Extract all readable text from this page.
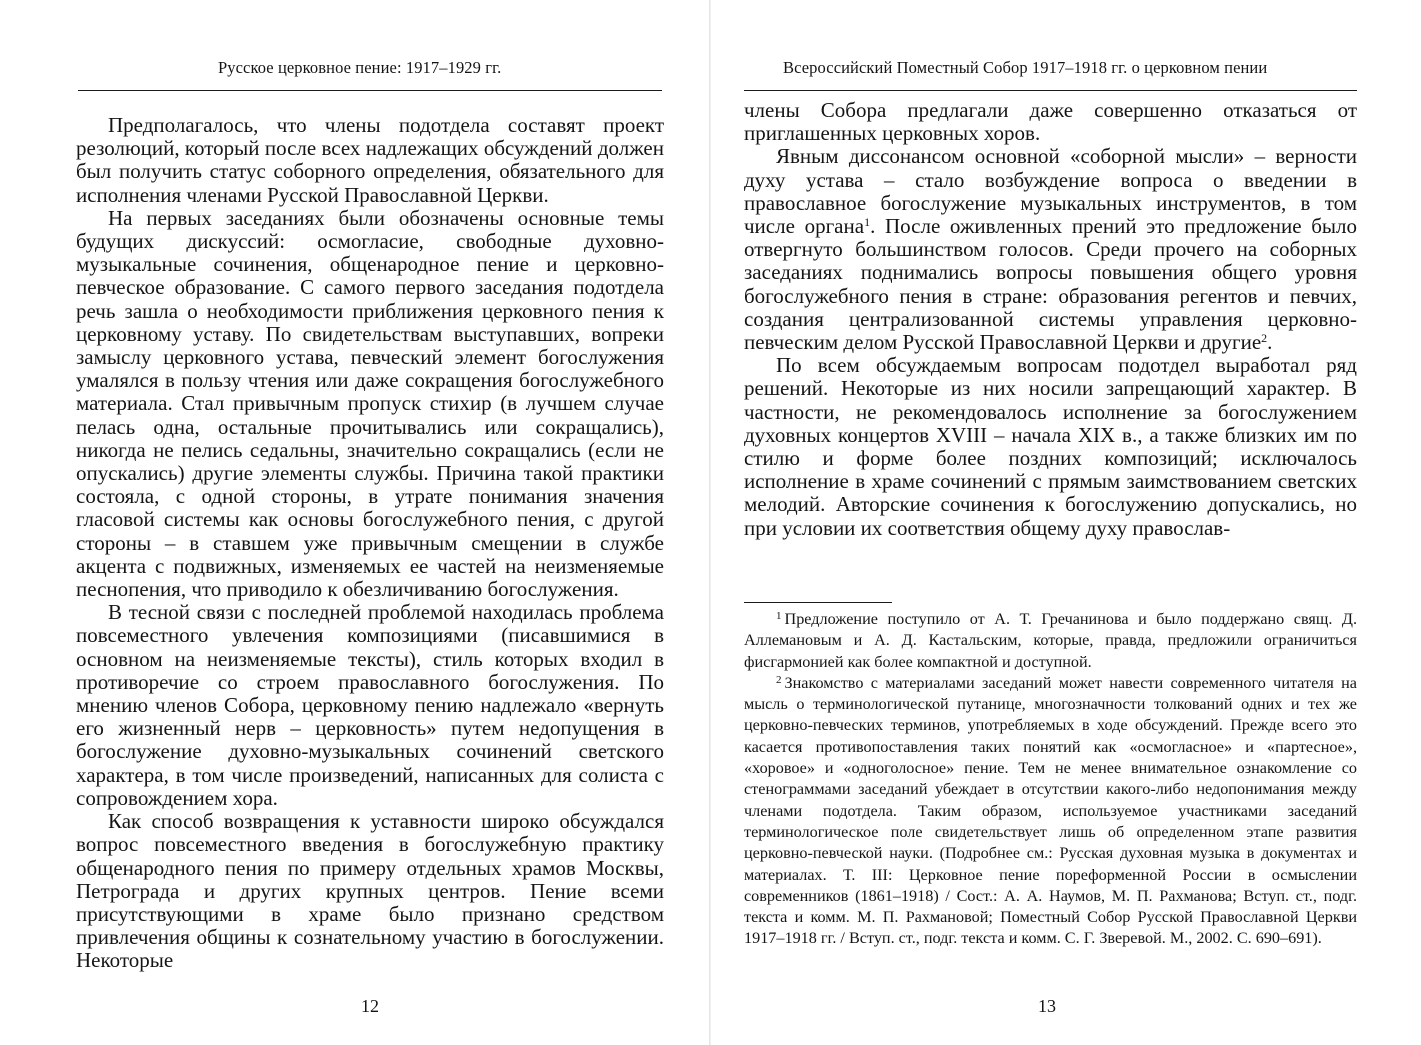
Русское церковное пение: 1917–1929 гг.

Предполагалось, что члены подотдела составят проект резолюций, который после всех надлежащих обсуждений должен был получить статус соборного определения, обязательного для исполнения членами Русской Православной Церкви.

На первых заседаниях были обозначены основные темы будущих дискуссий: осмогласие, свободные духовно-музыкальные сочинения, общенародное пение и церковно-певческое образование. С самого первого заседания подотдела речь зашла о необходимости приближения церковного пения к церковному уставу. По свидетельствам выступавших, вопреки замыслу церковного устава, певческий элемент богослужения умалялся в пользу чтения или даже сокращения богослужебного материала. Стал привычным пропуск стихир (в лучшем случае пелась одна, остальные прочитывались или сокращались), никогда не пелись седальны, значительно сокращались (если не опускались) другие элементы службы. Причина такой практики состояла, с одной стороны, в утрате понимания значения гласовой системы как основы богослужебного пения, с другой стороны – в ставшем уже привычным смещении в службе акцента с подвижных, изменяемых ее частей на неизменяемые песнопения, что приводило к обезличиванию богослужения.

В тесной связи с последней проблемой находилась проблема повсеместного увлечения композициями (писавшимися в основном на неизменяемые тексты), стиль которых входил в противоречие со строем православного богослужения. По мнению членов Собора, церковному пению надлежало «вернуть его жизненный нерв – церковность» путем недопущения в богослужение духовно-музыкальных сочинений светского характера, в том числе произведений, написанных для солиста с сопровождением хора.

Как способ возвращения к уставности широко обсуждался вопрос повсеместного введения в богослужебную практику общенародного пения по примеру отдельных храмов Москвы, Петрограда и других крупных центров. Пение всеми присутствующими в храме было признано средством привлечения общины к сознательному участию в богослужении. Некоторые

12
Всероссийский Поместный Собор 1917–1918 гг. о церковном пении

члены Собора предлагали даже совершенно отказаться от приглашенных церковных хоров.

Явным диссонансом основной «соборной мысли» – верности духу устава – стало возбуждение вопроса о введении в православное богослужение музыкальных инструментов, в том числе органа$^1$. После оживленных прений это предложение было отвергнуто большинством голосов. Среди прочего на соборных заседаниях поднимались вопросы повышения общего уровня богослужебного пения в стране: образования регентов и певчих, создания централизованной системы управления церковно-певческим делом Русской Православной Церкви и другие$^2$.

По всем обсуждаемым вопросам подотдел выработал ряд решений. Некоторые из них носили запрещающий характер. В частности, не рекомендовалось исполнение за богослужением духовных концертов XVIII – начала XIX в., а также близких им по стилю и форме более поздних композиций; исключалось исполнение в храме сочинений с прямым заимствованием светских мелодий. Авторские сочинения к богослужению допускались, но при условии их соответствия общему духу православ-

$^1$ Предложение поступило от А. Т. Гречанинова и было поддержано свящ. Д. Аллемановым и А. Д. Кастальским, которые, правда, предложили ограничиться фисгармонией как более компактной и доступной.

$^2$ Знакомство с материалами заседаний может навести современного читателя на мысль о терминологической путанице, многозначности толкований одних и тех же церковно-певческих терминов, употребляемых в ходе обсуждений. Прежде всего это касается противопоставления таких понятий как «осмогласное» и «партесное», «хоровое» и «одноголосное» пение. Тем не менее внимательное ознакомление со стенограммами заседаний убеждает в отсутствии какого-либо недопонимания между членами подотдела. Таким образом, используемое участниками заседаний терминологическое поле свидетельствует лишь об определенном этапе развития церковно-певческой науки. (Подробнее см.: Русская духовная музыка в документах и материалах. Т. III: Церковное пение пореформенной России в осмыслении современников (1861–1918) / Сост.: А. А. Наумов, М. П. Рахманова; Вступ. ст., подг. текста и комм. М. П. Рахмановой; Поместный Собор Русской Православной Церкви 1917–1918 гг. / Вступ. ст., подг. текста и комм. С. Г. Зверевой. М., 2002. С. 690–691).

13
